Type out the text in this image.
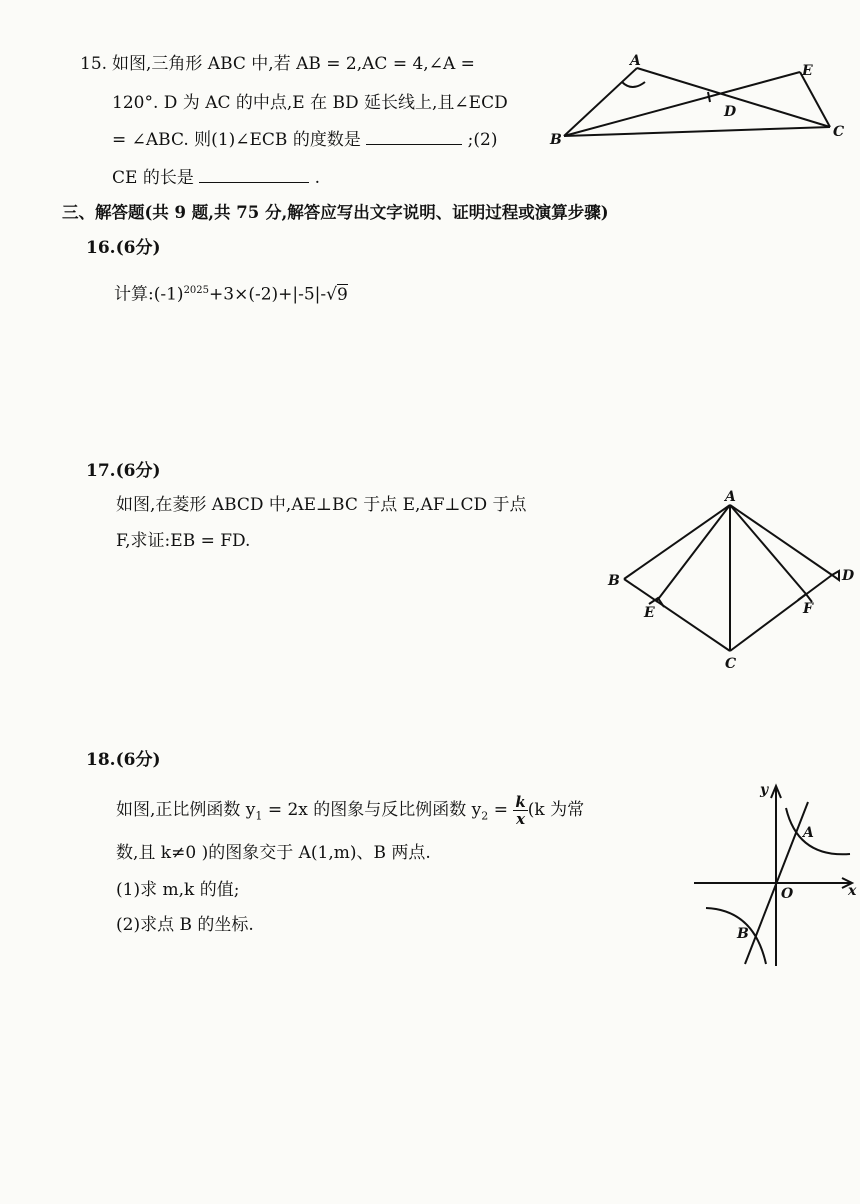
15. 如图,三角形 ABC 中,若 AB = 2,AC = 4,∠A =
120°. D 为 AC 的中点,E 在 BD 延长线上,且∠ECD
= ∠ABC. 则(1)∠ECB 的度数是	;(2)
CE 的长是	.
A
B	C
D
E
三、解答题(共 9 题,共 75 分,解答应写出文字说明、证明过程或演算步骤)
16.(6分)
计算$:(-1)^{2025}+3\times(-2)+|-5|-√9$
17.(6分)
如图,在菱形 ABCD 中,AE⊥BC 于点 E,AF⊥CD 于点
F,求证:EB = FD.
A
B
C
D
E	F
18.(6分)
如图,正比例函数 $y_1 = 2x$ 的图象与反比例函数 $y_2 = \frac{k}{x} (k$ 为常
数,且 k≠0 )的图象交于 A(1,m)、B 两点.
(1)求 m,k 的值;
(2)求点 B 的坐标.
y
x
O
A
B
